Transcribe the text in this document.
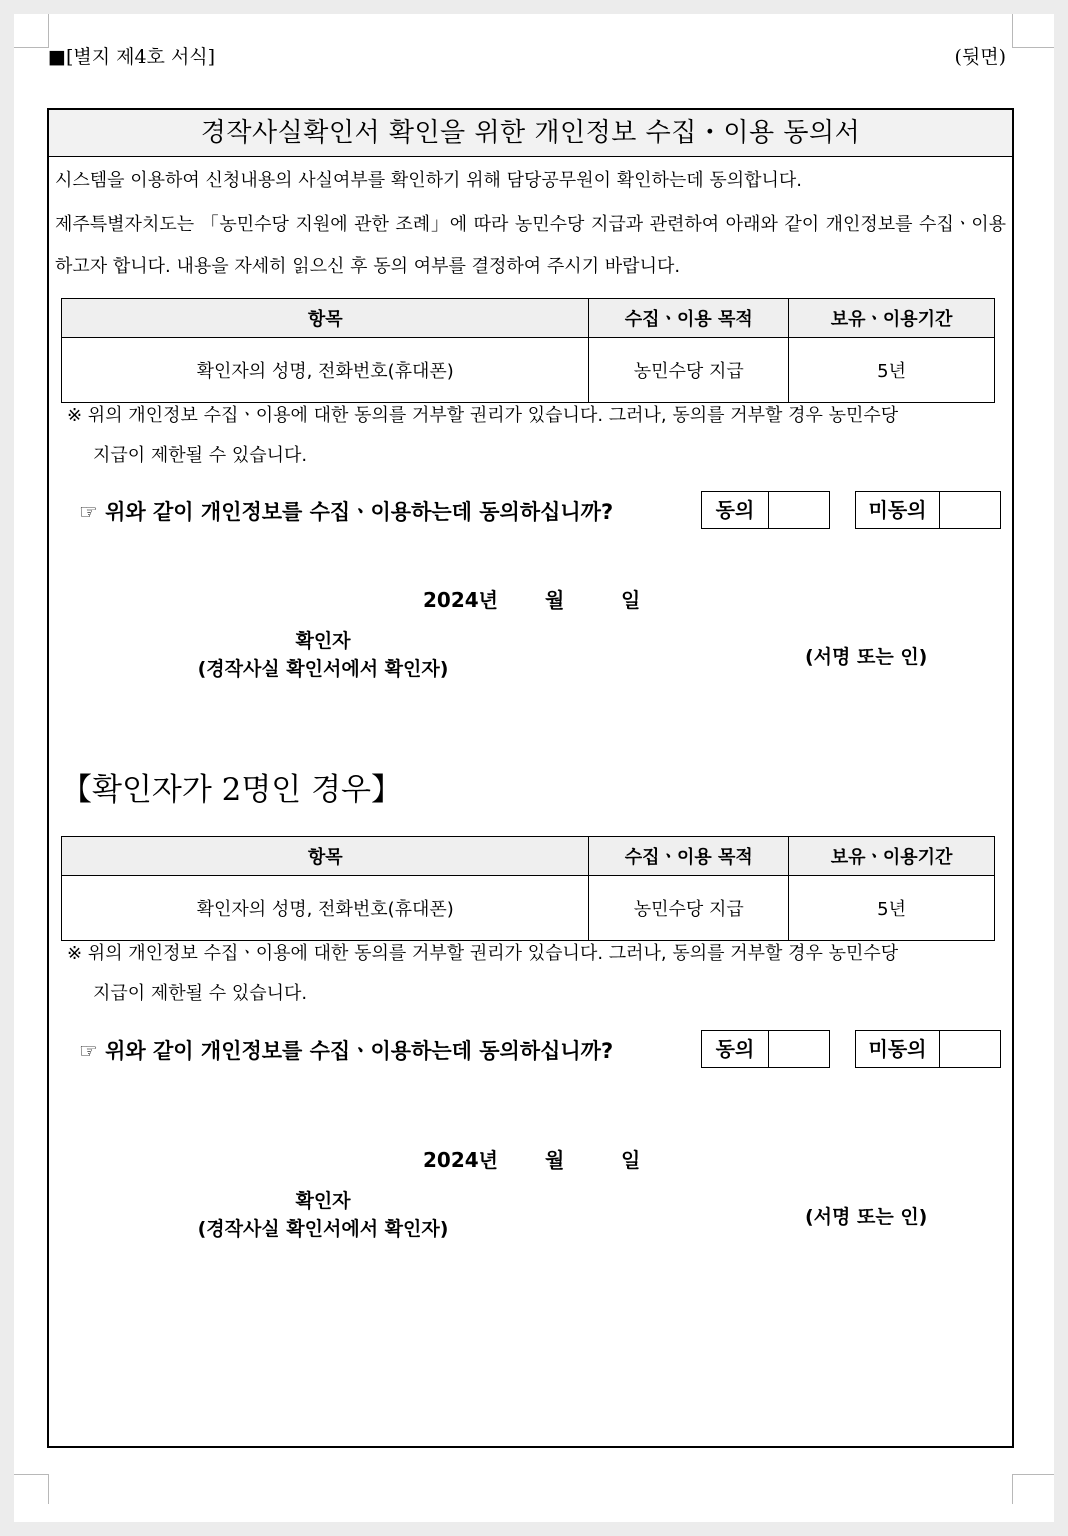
■[별지 제4호 서식]	(뒷면)
경작사실확인서 확인을 위한 개인정보 수집・이용 동의서
시스템을 이용하여 신청내용의 사실여부를 확인하기 위해 담당공무원이 확인하는데 동의합니다.
제주특별자치도는 「농민수당 지원에 관한 조례」에 따라 농민수당 지급과 관련하여 아래와 같이 개인정보를 수집ㆍ이용하고자 합니다. 내용을 자세히 읽으신 후 동의 여부를 결정하여 주시기 바랍니다.
항목	수집ㆍ이용 목적	보유ㆍ이용기간
확인자의 성명, 전화번호(휴대폰)	농민수당 지급	5년
※ 위의 개인정보 수집ㆍ이용에 대한 동의를 거부할 권리가 있습니다. 그러나, 동의를 거부할 경우 농민수당
지급이 제한될 수 있습니다.
☞ 위와 같이 개인정보를 수집ㆍ이용하는데 동의하십니까?	동의	미동의
2024년 월	일
확인자
(경작사실 확인서에서 확인자)
(서명 또는 인)
【확인자가 2명인 경우】
항목	수집ㆍ이용 목적	보유ㆍ이용기간
확인자의 성명, 전화번호(휴대폰)	농민수당 지급	5년
※ 위의 개인정보 수집ㆍ이용에 대한 동의를 거부할 권리가 있습니다. 그러나, 동의를 거부할 경우 농민수당
지급이 제한될 수 있습니다.
☞ 위와 같이 개인정보를 수집ㆍ이용하는데 동의하십니까?	동의	미동의
2024년 월	일
확인자
(경작사실 확인서에서 확인자)
(서명 또는 인)
